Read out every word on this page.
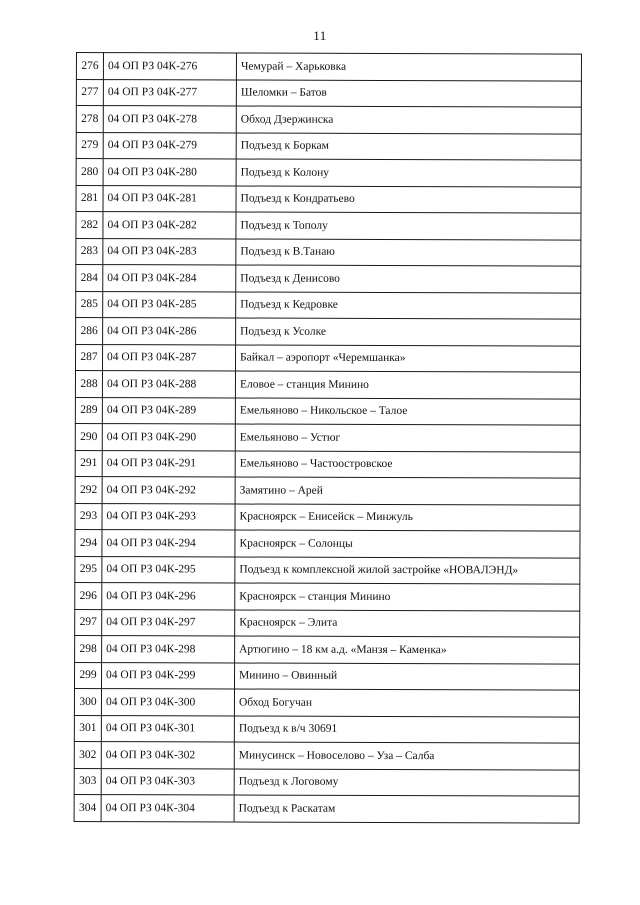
11
276	04 ОП РЗ 04К-276	Чемурай – Харьковка
277	04 ОП РЗ 04К-277	Шеломки – Батов
278	04 ОП РЗ 04К-278	Обход Дзержинска
279	04 ОП РЗ 04К-279	Подъезд к Боркам
280	04 ОП РЗ 04К-280	Подъезд к Колону
281	04 ОП РЗ 04К-281	Подъезд к Кондратьево
282	04 ОП РЗ 04К-282	Подъезд к Тополу
283	04 ОП РЗ 04К-283	Подъезд к В.Танаю
284	04 ОП РЗ 04К-284	Подъезд к Денисово
285	04 ОП РЗ 04К-285	Подъезд к Кедровке
286	04 ОП РЗ 04К-286	Подъезд к Усолке
287	04 ОП РЗ 04К-287	Байкал – аэропорт «Черемшанка»
288	04 ОП РЗ 04К-288	Еловое – станция Минино
289	04 ОП РЗ 04К-289	Емельяново – Никольское – Талое
290	04 ОП РЗ 04К-290	Емельяново – Устюг
291	04 ОП РЗ 04К-291	Емельяново – Частоостровское
292	04 ОП РЗ 04К-292	Замятино – Арей
293	04 ОП РЗ 04К-293	Красноярск – Енисейск – Минжуль
294	04 ОП РЗ 04К-294	Красноярск – Солонцы
295	04 ОП РЗ 04К-295	Подъезд к комплексной жилой застройке «НОВАЛЭНД»
296	04 ОП РЗ 04К-296	Красноярск – станция Минино
297	04 ОП РЗ 04К-297	Красноярск – Элита
298	04 ОП РЗ 04К-298	Артюгино – 18 км а.д. «Манзя – Каменка»
299	04 ОП РЗ 04К-299	Минино – Овинный
300	04 ОП РЗ 04К-300	Обход Богучан
301	04 ОП РЗ 04К-301	Подъезд к в/ч 30691
302	04 ОП РЗ 04К-302	Минусинск – Новоселово – Уза – Салба
303	04 ОП РЗ 04К-303	Подъезд к Логовому
304	04 ОП РЗ 04К-304	Подъезд к Раскатам
